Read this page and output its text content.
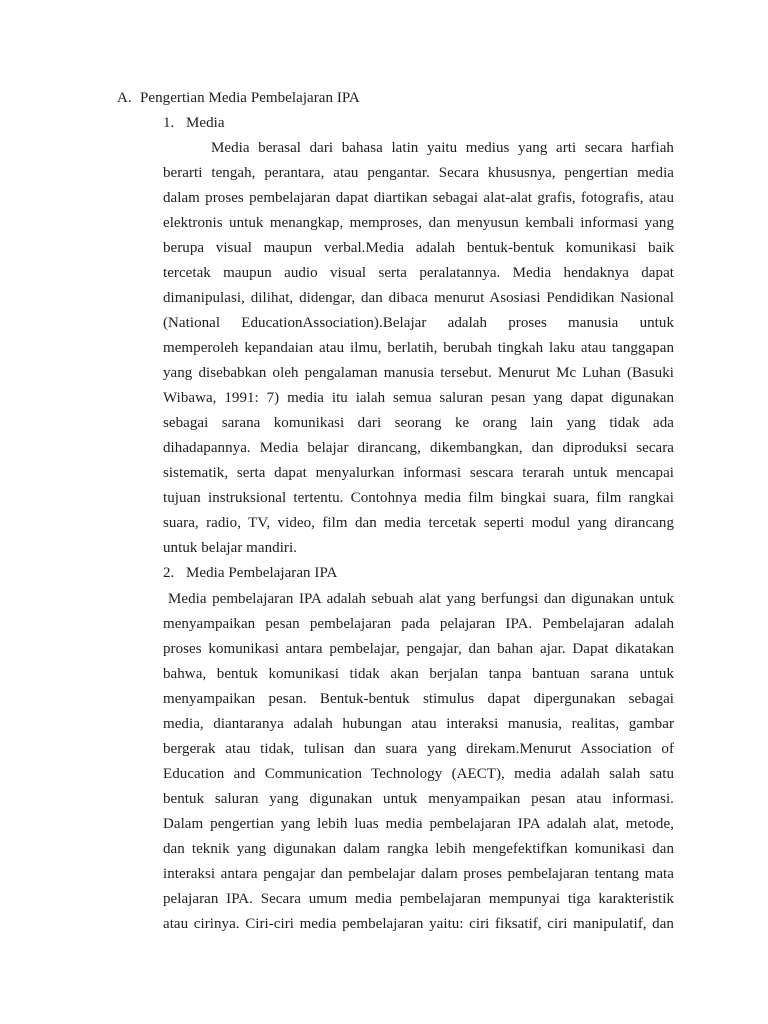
A. Pengertian Media Pembelajaran IPA
1. Media
Media berasal dari bahasa latin yaitu medius yang arti secara harfiah
berarti tengah, perantara, atau pengantar. Secara khususnya, pengertian media
dalam proses pembelajaran dapat diartikan sebagai alat-alat grafis, fotografis, atau
elektronis untuk menangkap, memproses, dan menyusun kembali informasi yang
berupa visual maupun verbal.Media adalah bentuk-bentuk komunikasi baik
tercetak maupun audio visual serta peralatannya. Media hendaknya dapat
dimanipulasi, dilihat, didengar, dan dibaca menurut Asosiasi Pendidikan Nasional
(National EducationAssociation).Belajar adalah proses manusia untuk
memperoleh kepandaian atau ilmu, berlatih, berubah tingkah laku atau tanggapan
yang disebabkan oleh pengalaman manusia tersebut. Menurut Mc Luhan (Basuki
Wibawa, 1991: 7) media itu ialah semua saluran pesan yang dapat digunakan
sebagai sarana komunikasi dari seorang ke orang lain yang tidak ada
dihadapannya. Media belajar dirancang, dikembangkan, dan diproduksi secara
sistematik, serta dapat menyalurkan informasi sescara terarah untuk mencapai
tujuan instruksional tertentu. Contohnya media film bingkai suara, film rangkai
suara, radio, TV, video, film dan media tercetak seperti modul yang dirancang
untuk belajar mandiri.
2. Media Pembelajaran IPA
Media pembelajaran IPA adalah sebuah alat yang berfungsi dan digunakan untuk
menyampaikan pesan pembelajaran pada pelajaran IPA. Pembelajaran adalah
proses komunikasi antara pembelajar, pengajar, dan bahan ajar. Dapat dikatakan
bahwa, bentuk komunikasi tidak akan berjalan tanpa bantuan sarana untuk
menyampaikan pesan. Bentuk-bentuk stimulus dapat dipergunakan sebagai
media, diantaranya adalah hubungan atau interaksi manusia, realitas, gambar
bergerak atau tidak, tulisan dan suara yang direkam.Menurut Association of
Education and Communication Technology (AECT), media adalah salah satu
bentuk saluran yang digunakan untuk menyampaikan pesan atau informasi.
Dalam pengertian yang lebih luas media pembelajaran IPA adalah alat, metode,
dan teknik yang digunakan dalam rangka lebih mengefektifkan komunikasi dan
interaksi antara pengajar dan pembelajar dalam proses pembelajaran tentang mata
pelajaran IPA. Secara umum media pembelajaran mempunyai tiga karakteristik
atau cirinya. Ciri-ciri media pembelajaran yaitu: ciri fiksatif, ciri manipulatif, dan
